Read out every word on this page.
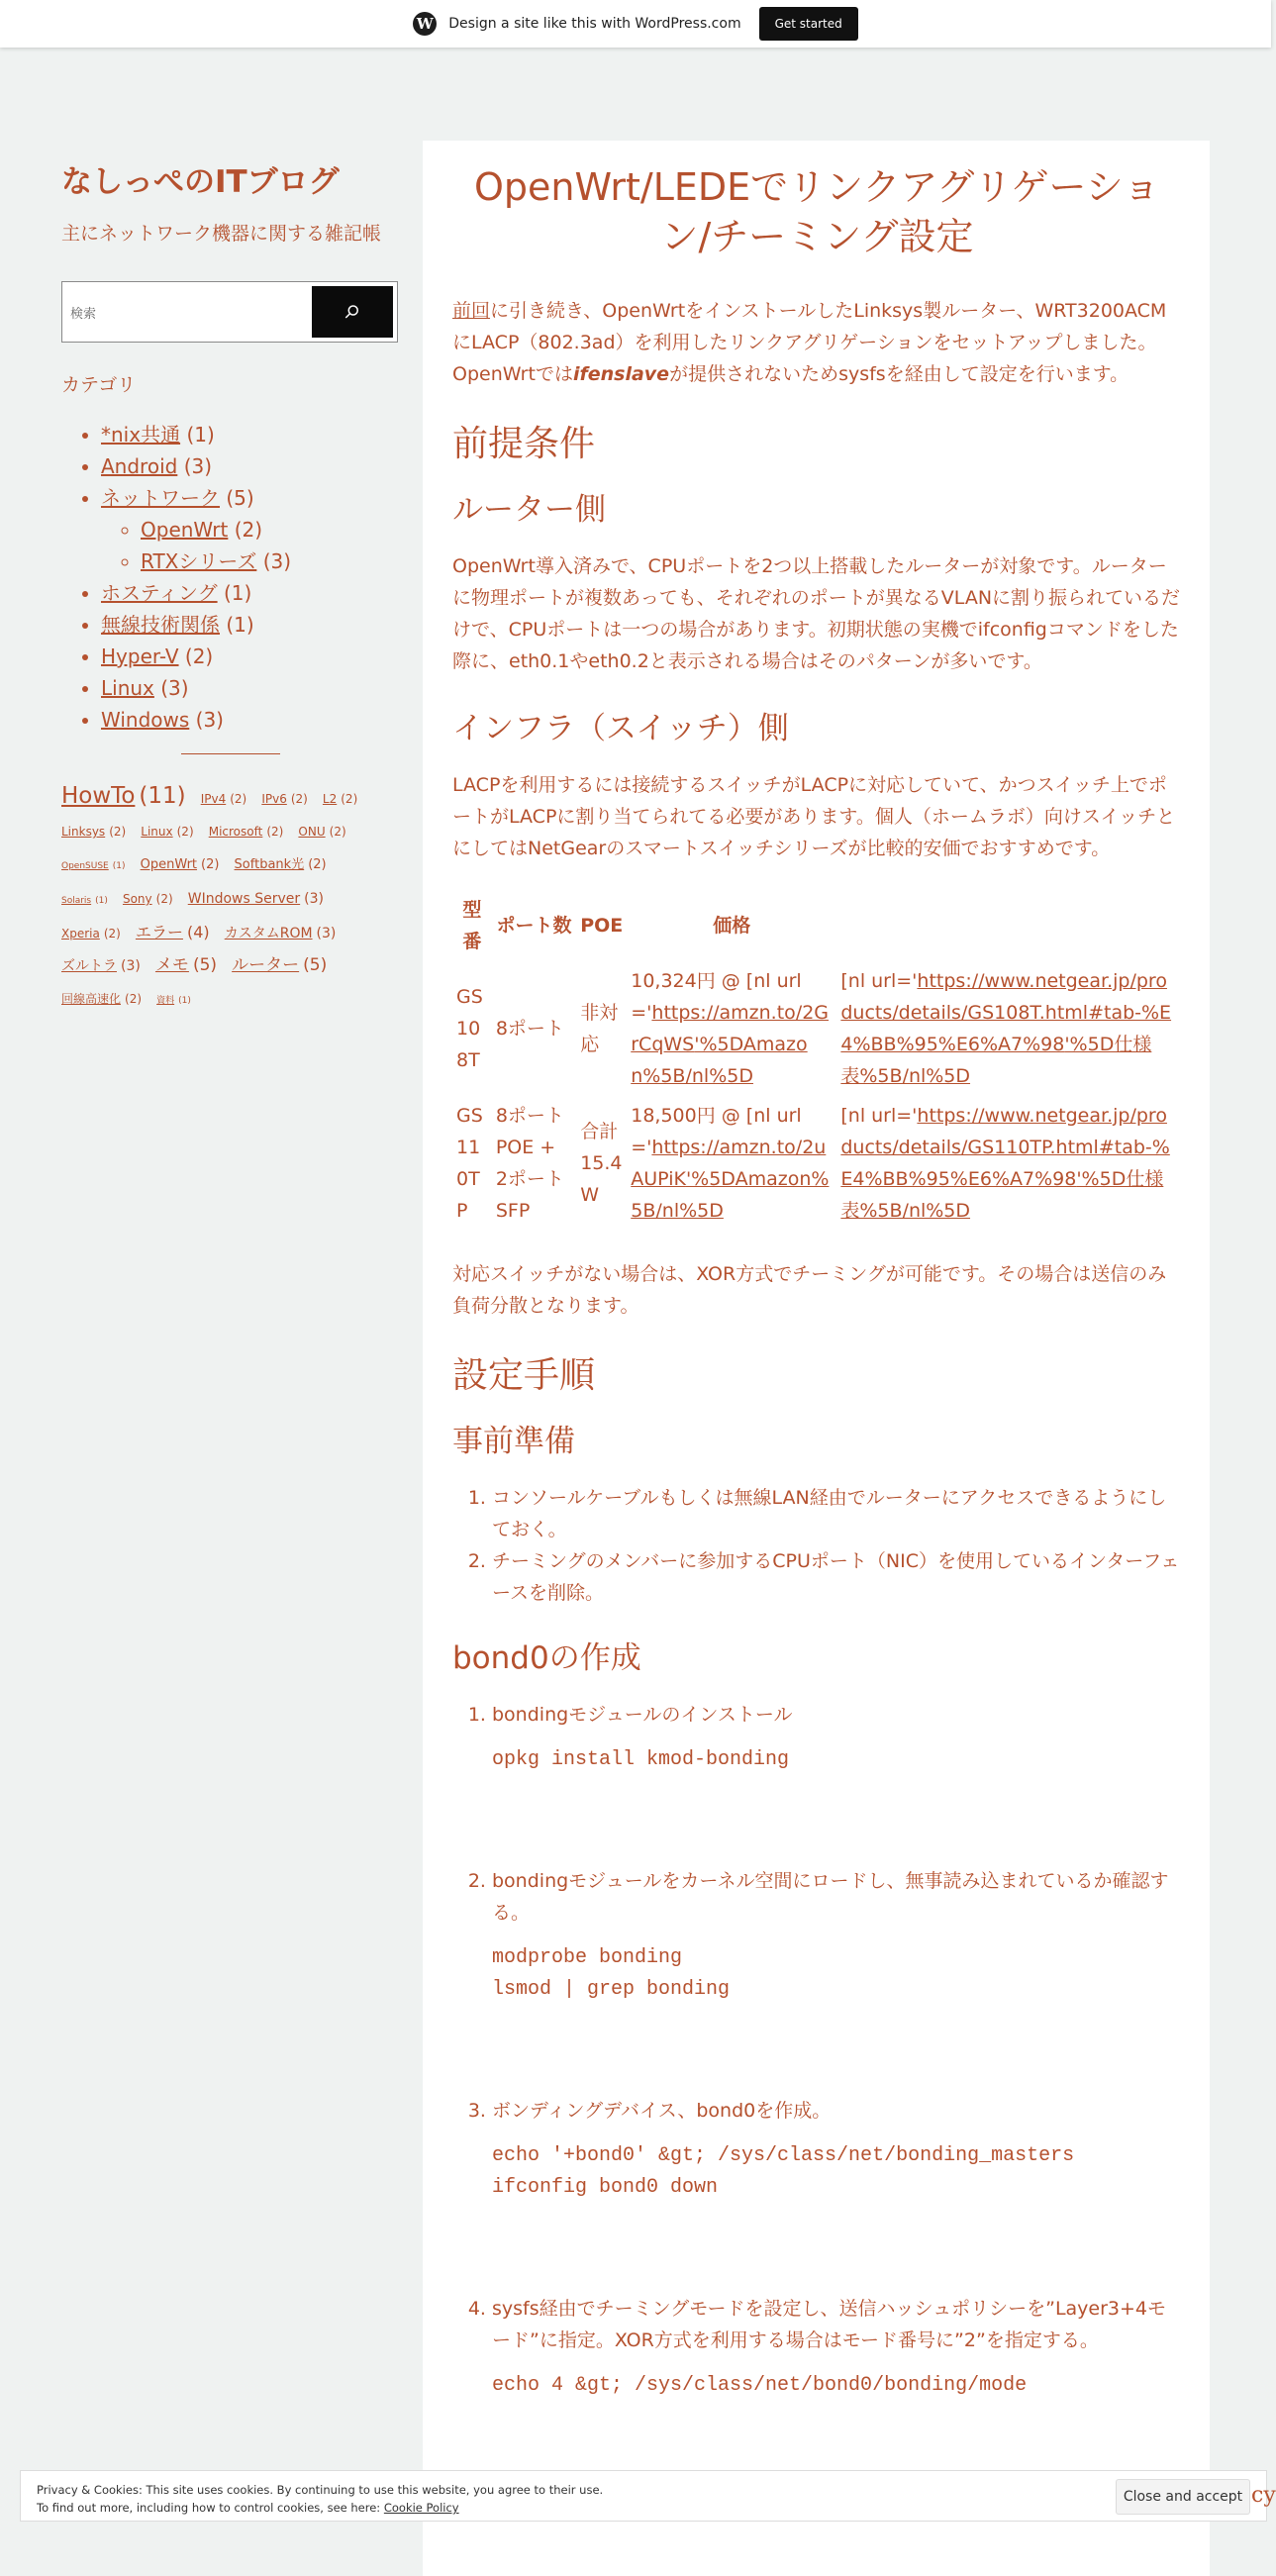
W Design a site like this with WordPress.com	Get started
なしっぺのITブログ

主にネットワーク機器に関する雑記帳

検索
カテゴリ
• *nix共通 (1)
• Android (3)
• ネットワーク (5)
◦ OpenWrt (2)
◦ RTXシリーズ (3)
• ホスティング (1)
• 無線技術関係 (1)
• Hyper-V (2)
• Linux (3)
• Windows (3)
HowTo (11) IPv4 (2) IPv6 (2) L2 (2)
Linksys (2) Linux (2) Microsoft (2) ONU (2)
OpenSUSE (1) OpenWrt (2) Softbank光 (2)
Solaris (1) Sony (2) WIndows Server (3)
Xperia (2) エラー (4) カスタムROM (3)
ズルトラ (3) メモ (5) ルーター (5)
回線高速化 (2) 資料 (1)
OpenWrt/LEDEでリンクアグリゲーション/チーミング設定

前回に引き続き、OpenWrtをインストールしたLinksys製ルーター、WRT3200ACMにLACP（802.3ad）を利用したリンクアグリゲーションをセットアップしました。OpenWrtではifenslaveが提供されないためsysfsを経由して設定を行います。

前提条件
ルーター側

OpenWrt導入済みで、CPUポートを2つ以上搭載したルーターが対象です。ルーターに物理ポートが複数あっても、それぞれのポートが異なるVLANに割り振られているだけで、CPUポートは一つの場合があります。初期状態の実機でifconfigコマンドをした際に、eth0.1やeth0.2と表示される場合はそのパターンが多いです。

インフラ（スイッチ）側

LACPを利用するには接続するスイッチがLACPに対応していて、かつスイッチ上でポートがLACPに割り当てられてる必要があります。個人（ホームラボ）向けスイッチとにしてはNetGearのスマートスイッチシリーズが比較的安価でおすすめです。

型番	ポート数	POE	価格	
GS108T	8ポート	非対応	10,324円 @ [nl url='https://amzn.to/2GrCqWS'%5DAmazon%5B/nl%5D	[nl url='https://www.netgear.jp/products/details/GS108T.html#tab-%E4%BB%95%E6%A7%98'%5D仕様表%5B/nl%5D
GS110TP	8ポートPOE + 2ポートSFP	合計15.4W	18,500円 @ [nl url='https://amzn.to/2uAUPiK'%5DAmazon%5B/nl%5D	[nl url='https://www.netgear.jp/products/details/GS110TP.html#tab-%E4%BB%95%E6%A7%98'%5D仕様表%5B/nl%5D

対応スイッチがない場合は、XOR方式でチーミングが可能です。その場合は送信のみ負荷分散となります。

設定手順
事前準備
1. コンソールケーブルもしくは無線LAN経由でルーターにアクセスできるようにしておく。
2. チーミングのメンバーに参加するCPUポート（NIC）を使用しているインターフェースを削除。
bond0の作成
1. bondingモジュールのインストール
opkg install kmod-bonding
2. bondingモジュールをカーネル空間にロードし、無事読み込まれているか確認する。
modprobe bonding
lsmod | grep bonding
3. ボンディングデバイス、bond0を作成。
echo '+bond0' &gt; /sys/class/net/bonding_masters
ifconfig bond0 down
4. sysfs経由でチーミングモードを設定し、送信ハッシュポリシーを”Layer3+4モード”に指定。XOR方式を利用する場合はモード番号に”2”を指定する。
echo 4 &gt; /sys/class/net/bond0/bonding/mode
Privacy & Cookies: This site uses cookies. By continuing to use this website, you agree to their use.
To find out more, including how to control cookies, see here: Cookie Policy
Close and accept cy
